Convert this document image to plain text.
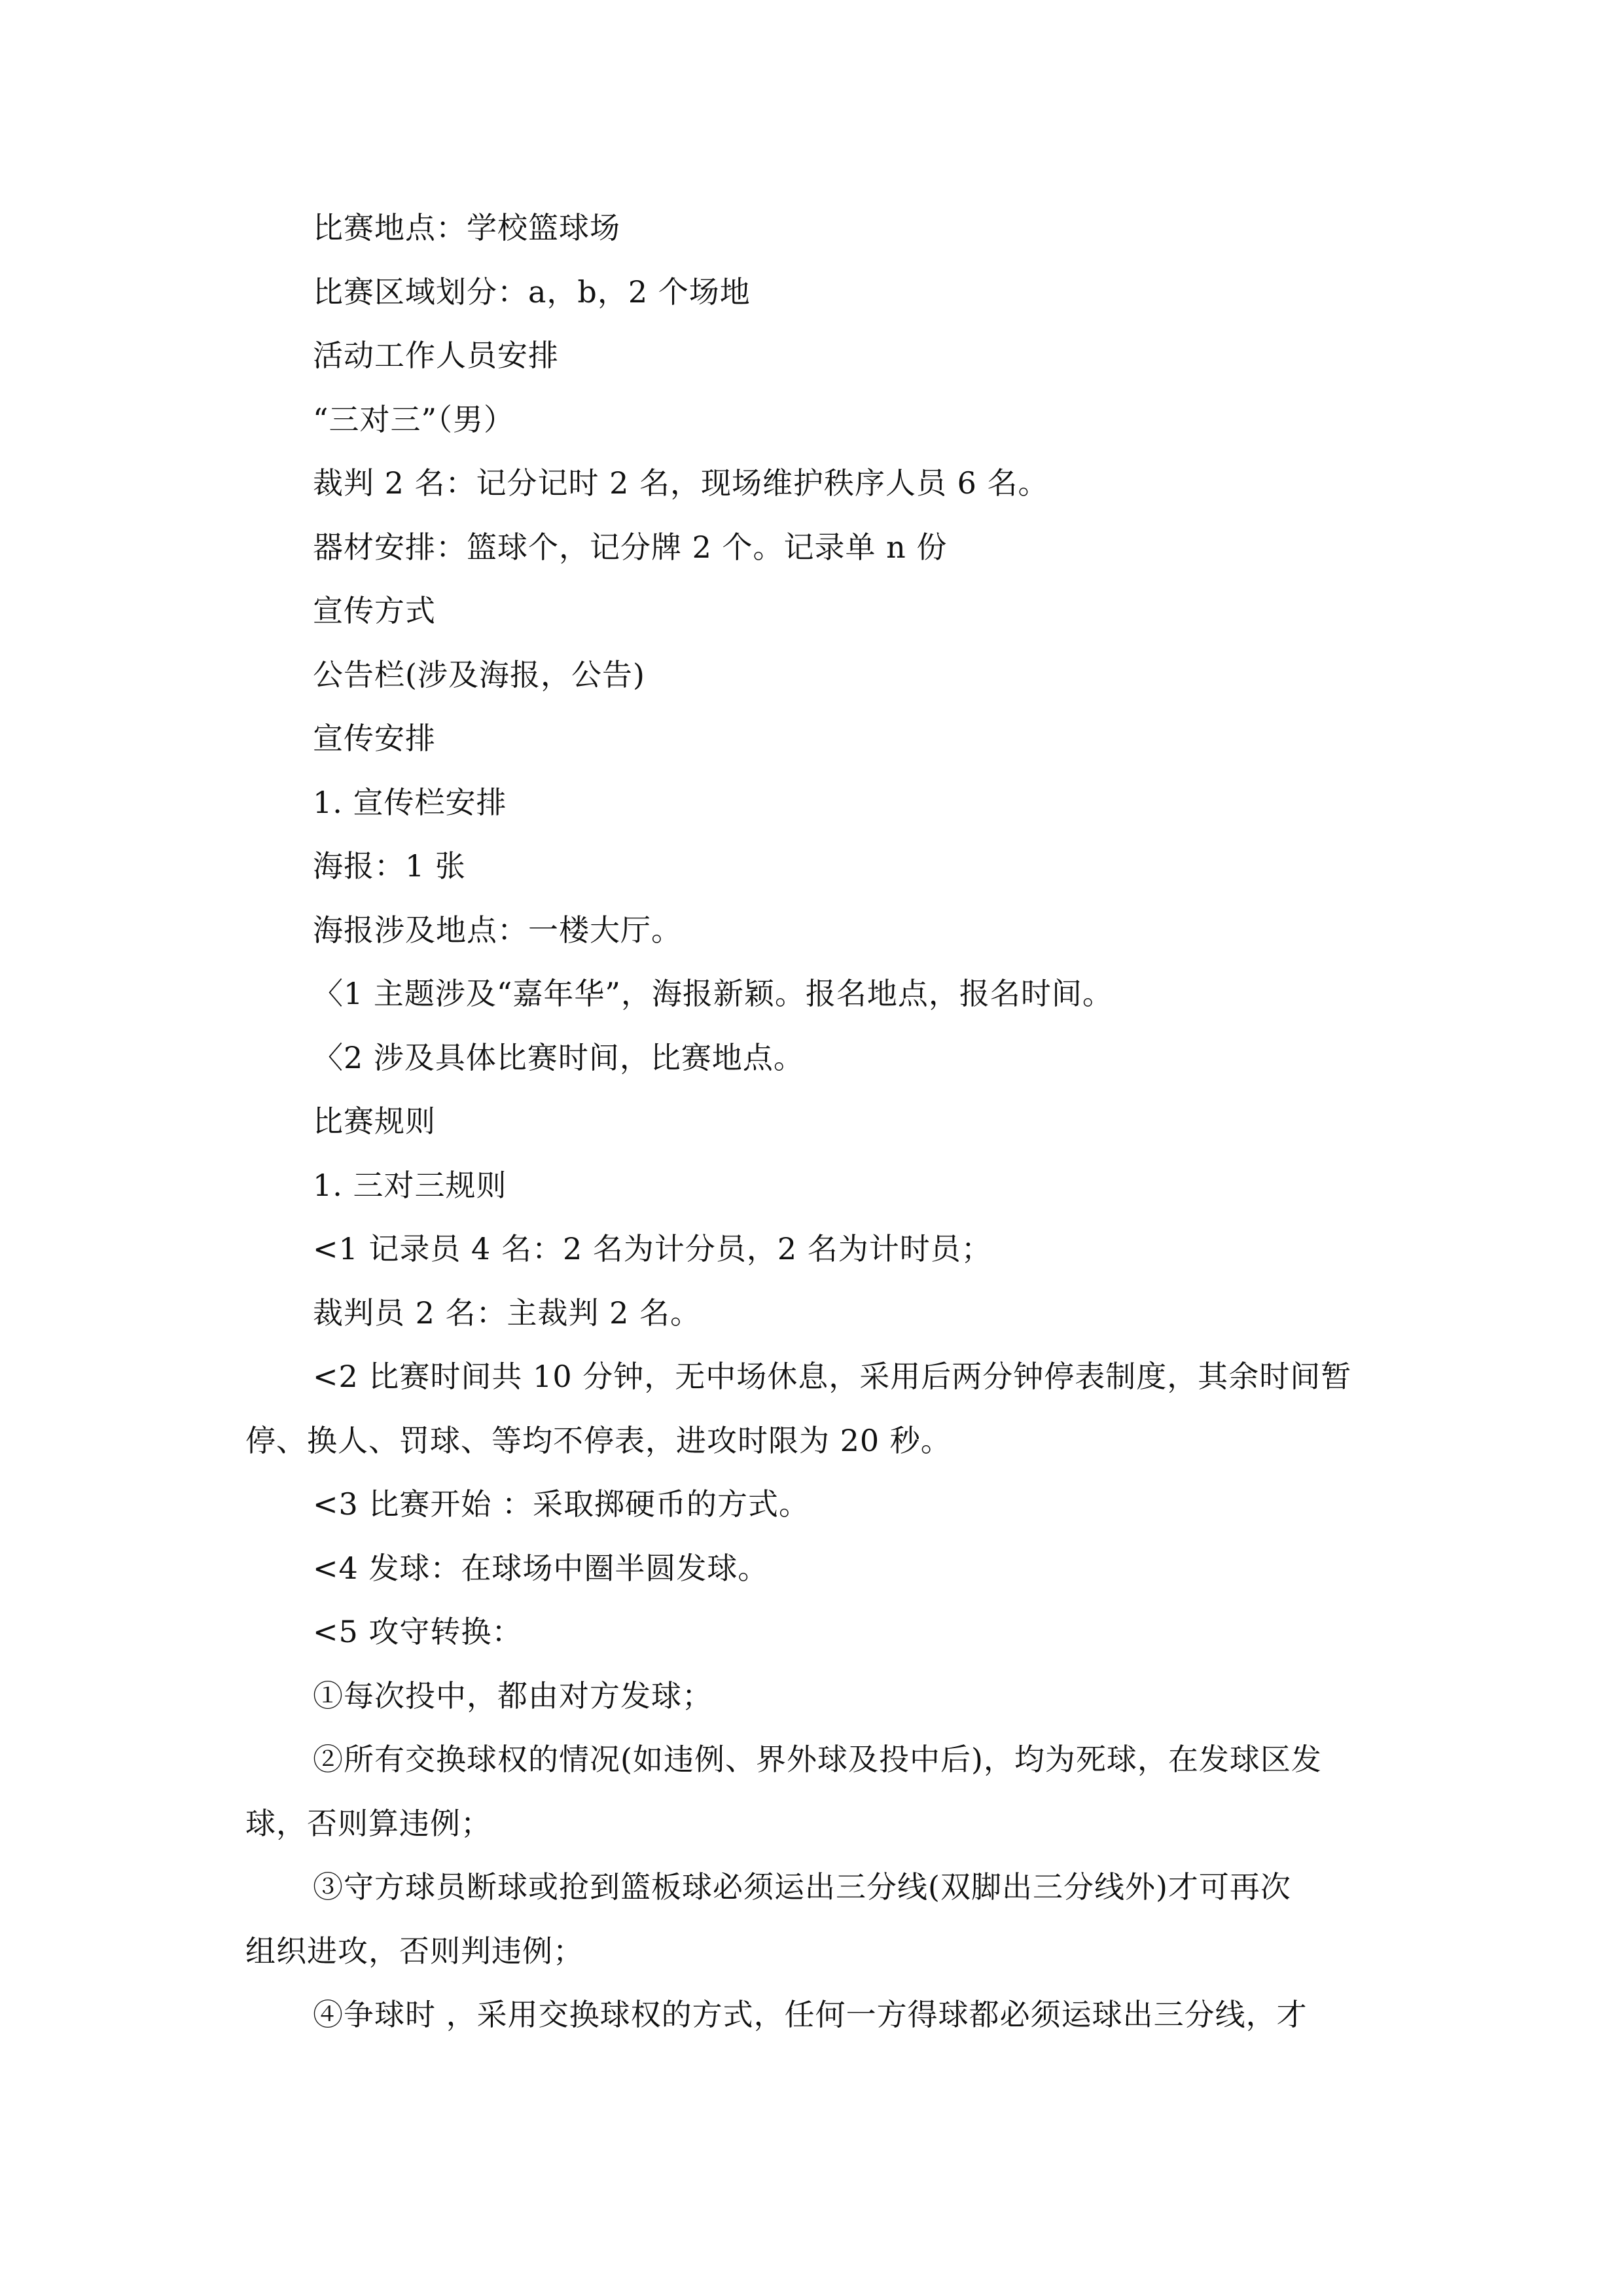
比赛地点：学校篮球场
比赛区域划分：a，b，2 个场地
活动工作人员安排
“三对三”（男）
裁判 2 名：记分记时 2 名，现场维护秩序人员 6 名。
器材安排：篮球个，记分牌 2 个。记录单 n 份
宣传方式
公告栏(涉及海报，公告)
宣传安排
1. 宣传栏安排
海报：1 张
海报涉及地点：一楼大厅。
〈1 主题涉及“嘉年华”，海报新颖。报名地点，报名时间。
〈2 涉及具体比赛时间，比赛地点。
比赛规则
1. 三对三规则
<1 记录员 4 名：2 名为计分员，2 名为计时员；
裁判员 2 名：主裁判 2 名。
<2 比赛时间共 10 分钟，无中场休息，采用后两分钟停表制度，其余时间暂
停、换人、罚球、等均不停表，进攻时限为 20 秒。
<3 比赛开始 ：采取掷硬币的方式。
<4 发球：在球场中圈半圆发球。
<5 攻守转换：
①每次投中，都由对方发球；
②所有交换球权的情况(如违例、界外球及投中后)，均为死球，在发球区发
球，否则算违例；
③守方球员断球或抢到篮板球必须运出三分线(双脚出三分线外)才可再次
组织进攻，否则判违例；
④争球时 ，采用交换球权的方式，任何一方得球都必须运球出三分线，才
